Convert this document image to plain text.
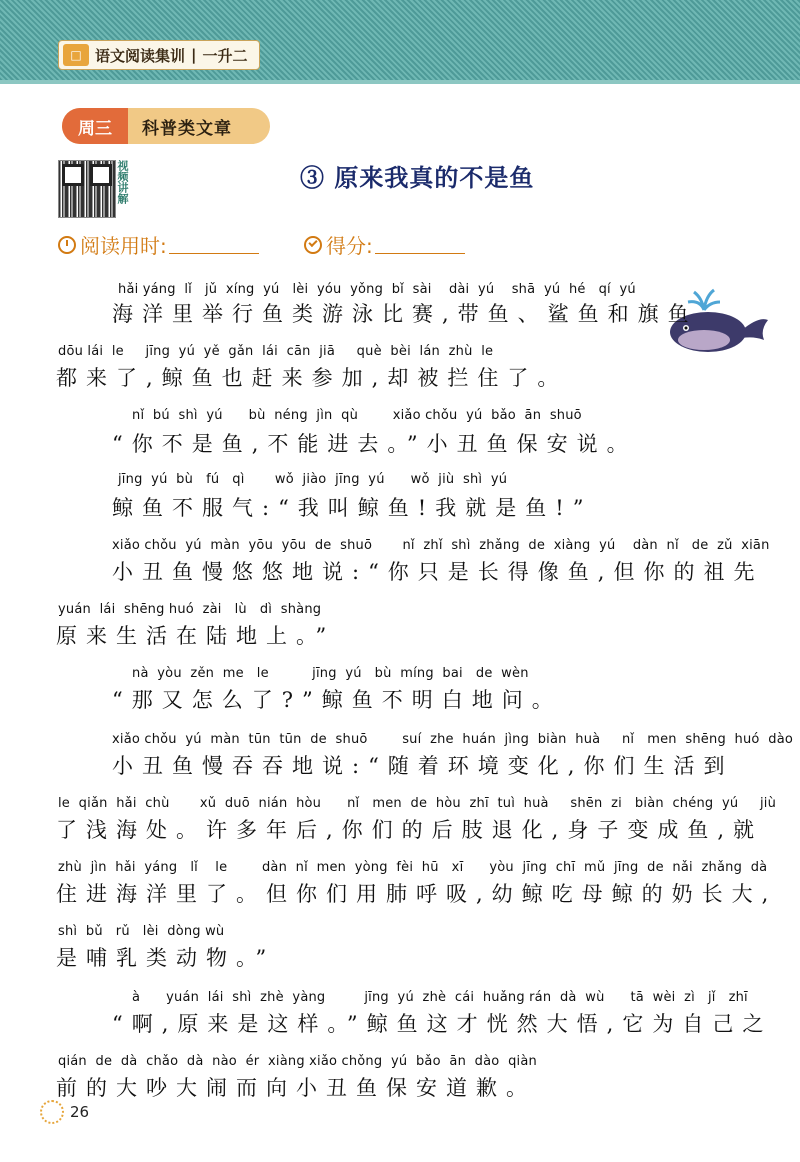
□ 语文阅读集训 | 一升二
周三	科普类文章
视频讲解	③ 原来我真的不是鱼
阅读用时:	得分:
hǎi yáng  lǐ   jǔ  xíng  yú   lèi  yóu  yǒng  bǐ  sài    dài  yú    shā  yú  hé   qí  yú
海洋里举行鱼类游泳比赛,带鱼、鲨鱼和旗鱼
dōu lái  le     jīng  yú  yě  gǎn  lái  cān  jiā     què  bèi  lán  zhù  le
都来了,鲸鱼也赶来参加,却被拦住了。
nǐ  bú  shì  yú      bù  néng  jìn  qù        xiǎo chǒu  yú  bǎo  ān  shuō
“你不是鱼,不能进去。”小丑鱼保安说。
jīng  yú  bù   fú   qì       wǒ  jiào  jīng  yú      wǒ  jiù  shì  yú
鲸鱼不服气:“我叫鲸鱼!我就是鱼!”
xiǎo chǒu  yú  màn  yōu  yōu  de  shuō       nǐ  zhǐ  shì  zhǎng  de  xiàng  yú    dàn  nǐ   de  zǔ  xiān
小丑鱼慢悠悠地说:“你只是长得像鱼,但你的祖先
yuán  lái  shēng huó  zài   lù   dì  shàng
原来生活在陆地上。”
nà  yòu  zěn  me   le          jīng  yú   bù  míng  bai   de  wèn
“那又怎么了?”鲸鱼不明白地问。
xiǎo chǒu  yú  màn  tūn  tūn  de  shuō        suí  zhe  huán  jìng  biàn  huà     nǐ   men  shēng  huó  dào
小丑鱼慢吞吞地说:“随着环境变化,你们生活到
le  qiǎn  hǎi  chù       xǔ  duō  nián  hòu      nǐ   men  de  hòu  zhī  tuì  huà     shēn  zi   biàn  chéng  yú     jiù
了浅海处。许多年后,你们的后肢退化,身子变成鱼,就
zhù  jìn  hǎi  yáng   lǐ    le        dàn  nǐ  men  yòng  fèi  hū   xī      yòu  jīng  chī  mǔ  jīng  de  nǎi  zhǎng  dà
住进海洋里了。但你们用肺呼吸,幼鲸吃母鲸的奶长大,
shì  bǔ   rǔ   lèi  dòng wù
是哺乳类动物。”
à      yuán  lái  shì  zhè  yàng         jīng  yú  zhè  cái  huǎng rán  dà  wù      tā  wèi  zì   jǐ   zhī
“啊,原来是这样。”鲸鱼这才恍然大悟,它为自己之
qián  de  dà  chǎo  dà  nào  ér  xiàng xiǎo chǒng  yú  bǎo  ān  dào  qiàn
前的大吵大闹而向小丑鱼保安道歉。
26
